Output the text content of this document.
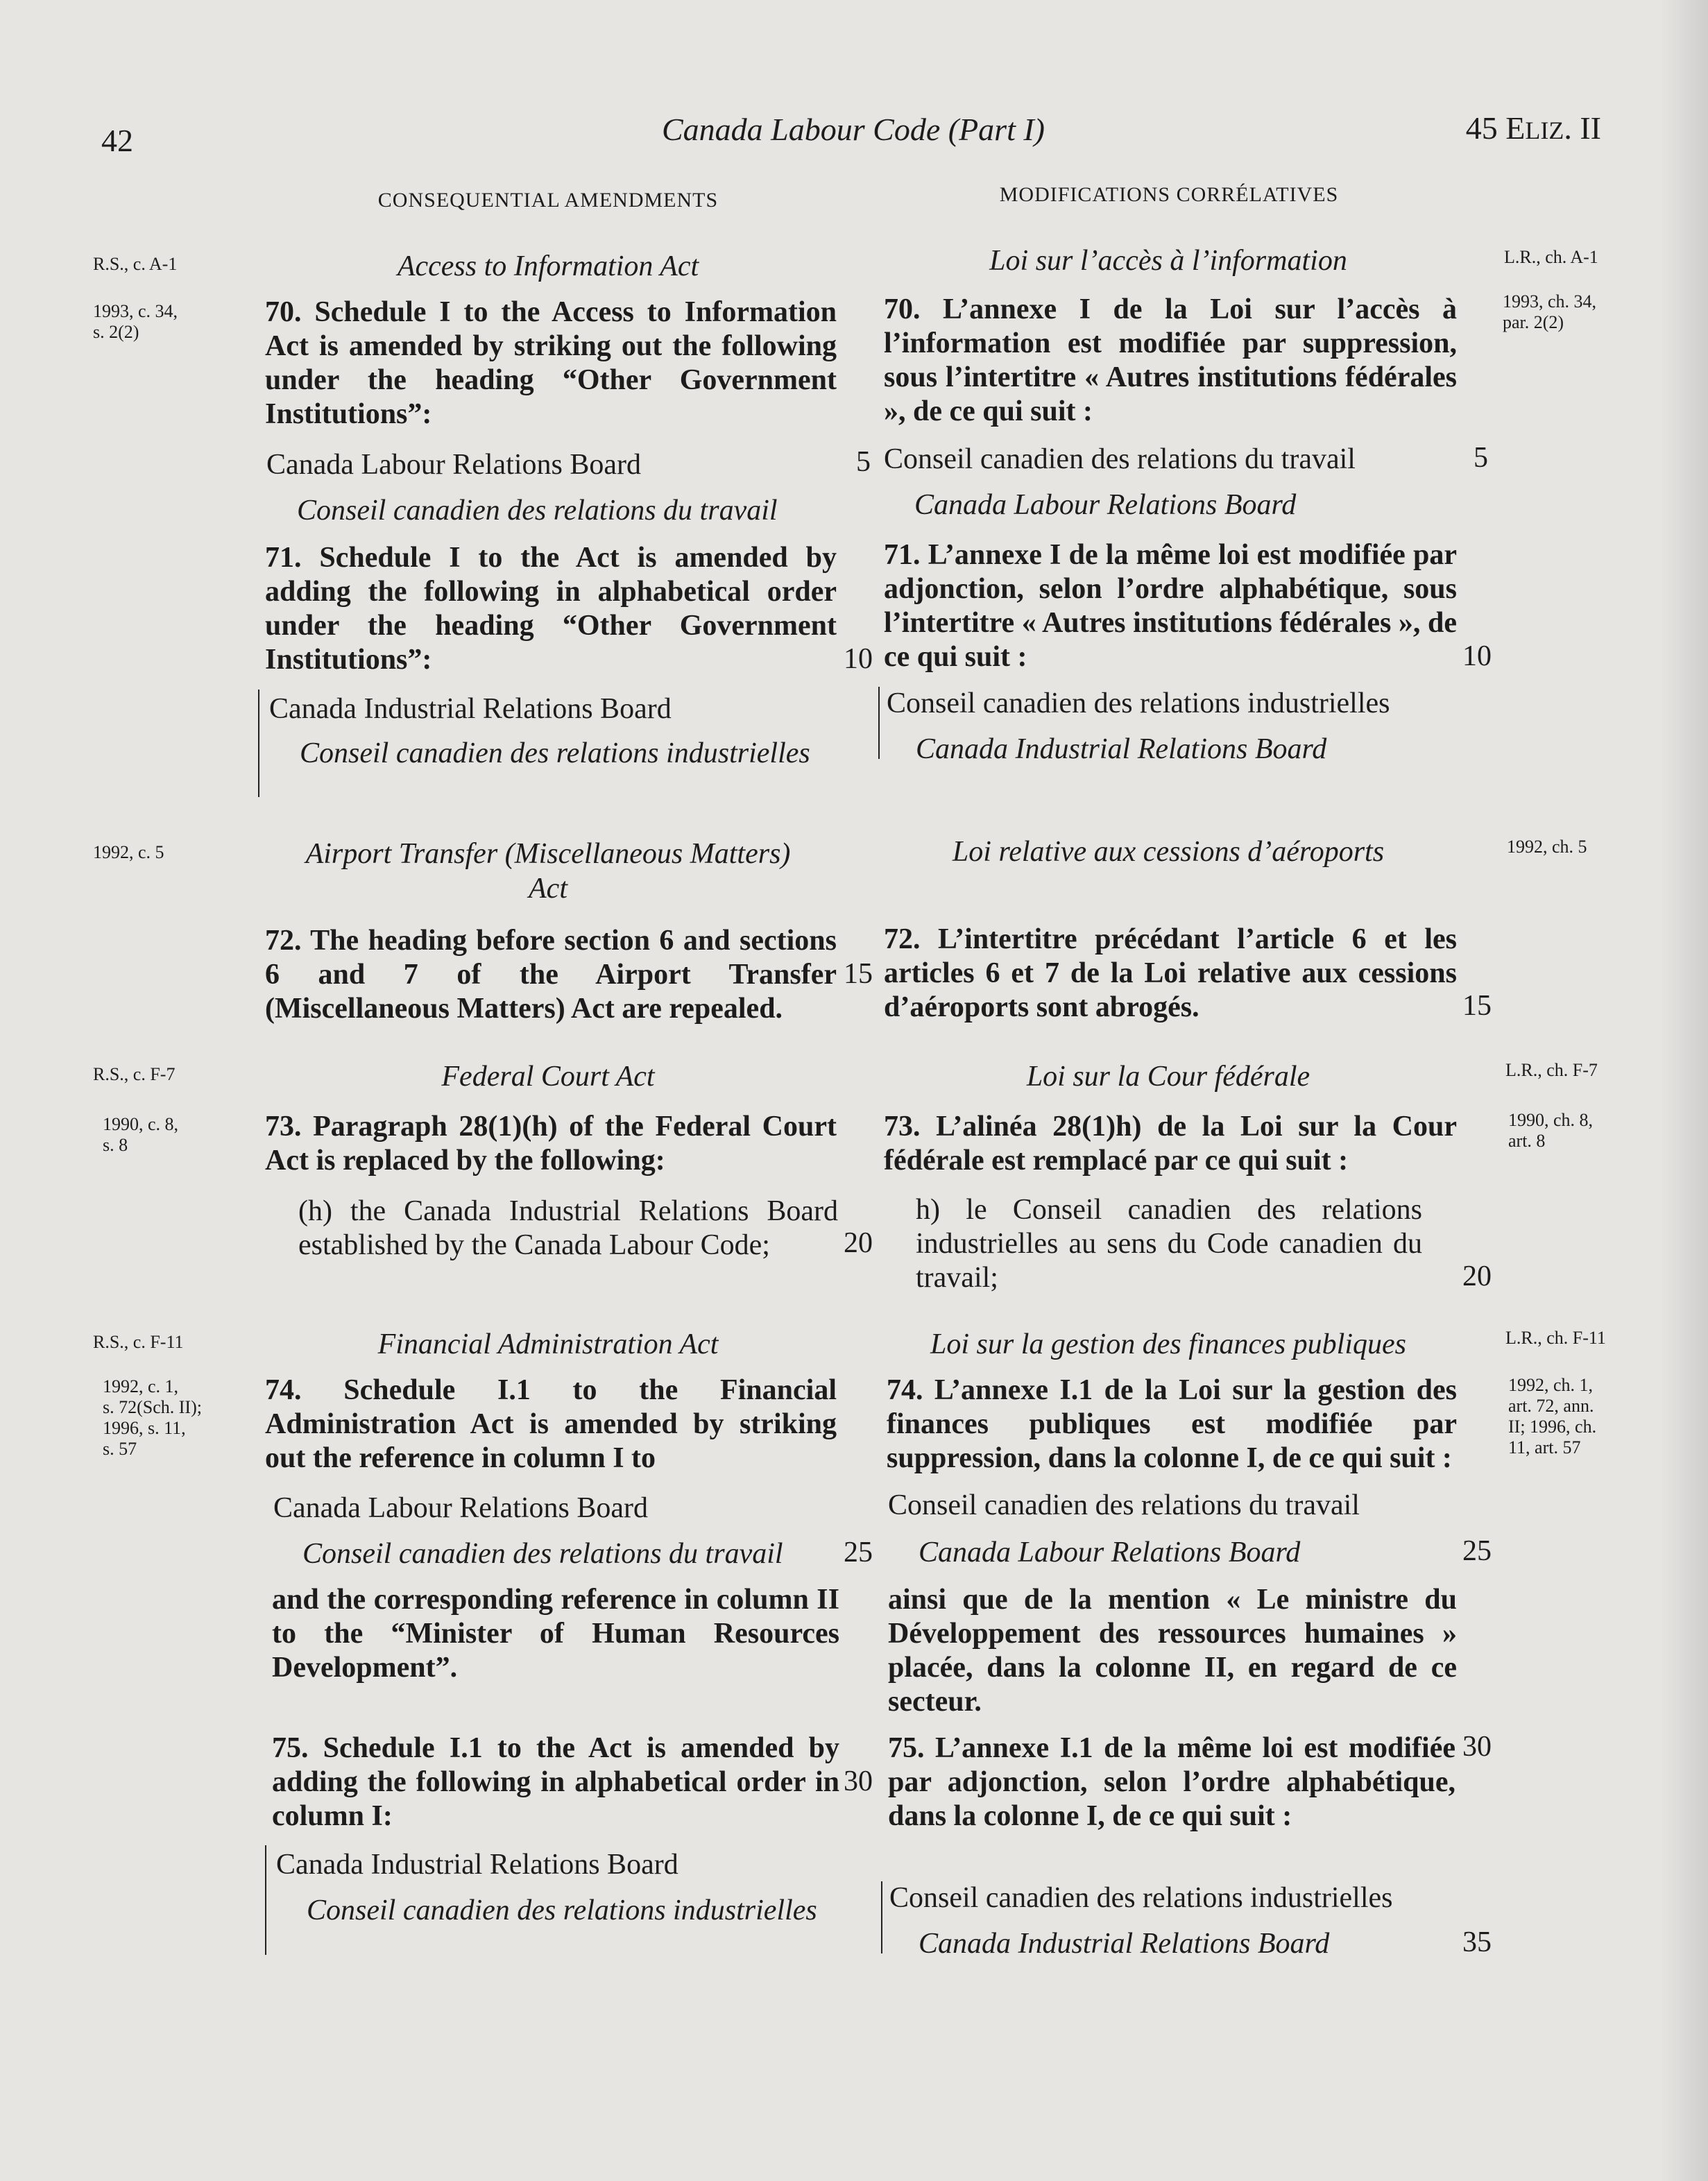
42	Canada Labour Code (Part I)	45 ELIZ. II
CONSEQUENTIAL AMENDMENTS	MODIFICATIONS CORRÉLATIVES
R.S., c. A-1	Access to Information Act
1993, c. 34,
s. 2(2)
70. Schedule I to the Access to Information Act is amended by striking out the following under the heading “Other Government Institutions”:
Canada Labour Relations Board
Conseil canadien des relations du travail
71. Schedule I to the Act is amended by adding the following in alphabetical order under the heading “Other Government Institutions”:
Canada Industrial Relations Board
Conseil canadien des relations industrielles
1992, c. 5	Airport Transfer (Miscellaneous Matters) Act
72. The heading before section 6 and sections 6 and 7 of the Airport Transfer (Miscellaneous Matters) Act are repealed.
R.S., c. F-7	Federal Court Act
1990, c. 8,
s. 8
73. Paragraph 28(1)(h) of the Federal Court Act is replaced by the following:
(h) the Canada Industrial Relations Board established by the Canada Labour Code;
R.S., c. F-11	Financial Administration Act
1992, c. 1,
s. 72(Sch. II);
1996, s. 11,
s. 57
74. Schedule I.1 to the Financial Administration Act is amended by striking out the reference in column I to
Canada Labour Relations Board
Conseil canadien des relations du travail
and the corresponding reference in column II to the “Minister of Human Resources Development”.
75. Schedule I.1 to the Act is amended by adding the following in alphabetical order in column I:
Canada Industrial Relations Board
Conseil canadien des relations industrielles
5
10
15
20
25
30
Loi sur l’accès à l’information	L.R., ch. A-1
1993, ch. 34,
par. 2(2)
70. L’annexe I de la Loi sur l’accès à l’information est modifiée par suppression, sous l’intertitre « Autres institutions fédérales », de ce qui suit :
Conseil canadien des relations du travail
Canada Labour Relations Board
71. L’annexe I de la même loi est modifiée par adjonction, selon l’ordre alphabétique, sous l’intertitre « Autres institutions fédérales », de ce qui suit :
Conseil canadien des relations industrielles
Canada Industrial Relations Board
Loi relative aux cessions d’aéroports	1992, ch. 5
72. L’intertitre précédant l’article 6 et les articles 6 et 7 de la Loi relative aux cessions d’aéroports sont abrogés.
Loi sur la Cour fédérale	L.R., ch. F-7
1990, ch. 8,
art. 8
73. L’alinéa 28(1)h) de la Loi sur la Cour fédérale est remplacé par ce qui suit :
h) le Conseil canadien des relations industrielles au sens du Code canadien du travail;
Loi sur la gestion des finances publiques	L.R., ch. F-11
1992, ch. 1,
art. 72, ann.
II; 1996, ch.
11, art. 57
74. L’annexe I.1 de la Loi sur la gestion des finances publiques est modifiée par suppression, dans la colonne I, de ce qui suit :
Conseil canadien des relations du travail
Canada Labour Relations Board
ainsi que de la mention « Le ministre du Développement des ressources humaines » placée, dans la colonne II, en regard de ce secteur.
75. L’annexe I.1 de la même loi est modifiée par adjonction, selon l’ordre alphabétique, dans la colonne I, de ce qui suit :
Conseil canadien des relations industrielles
Canada Industrial Relations Board
5
10
15
20
25
30
35
